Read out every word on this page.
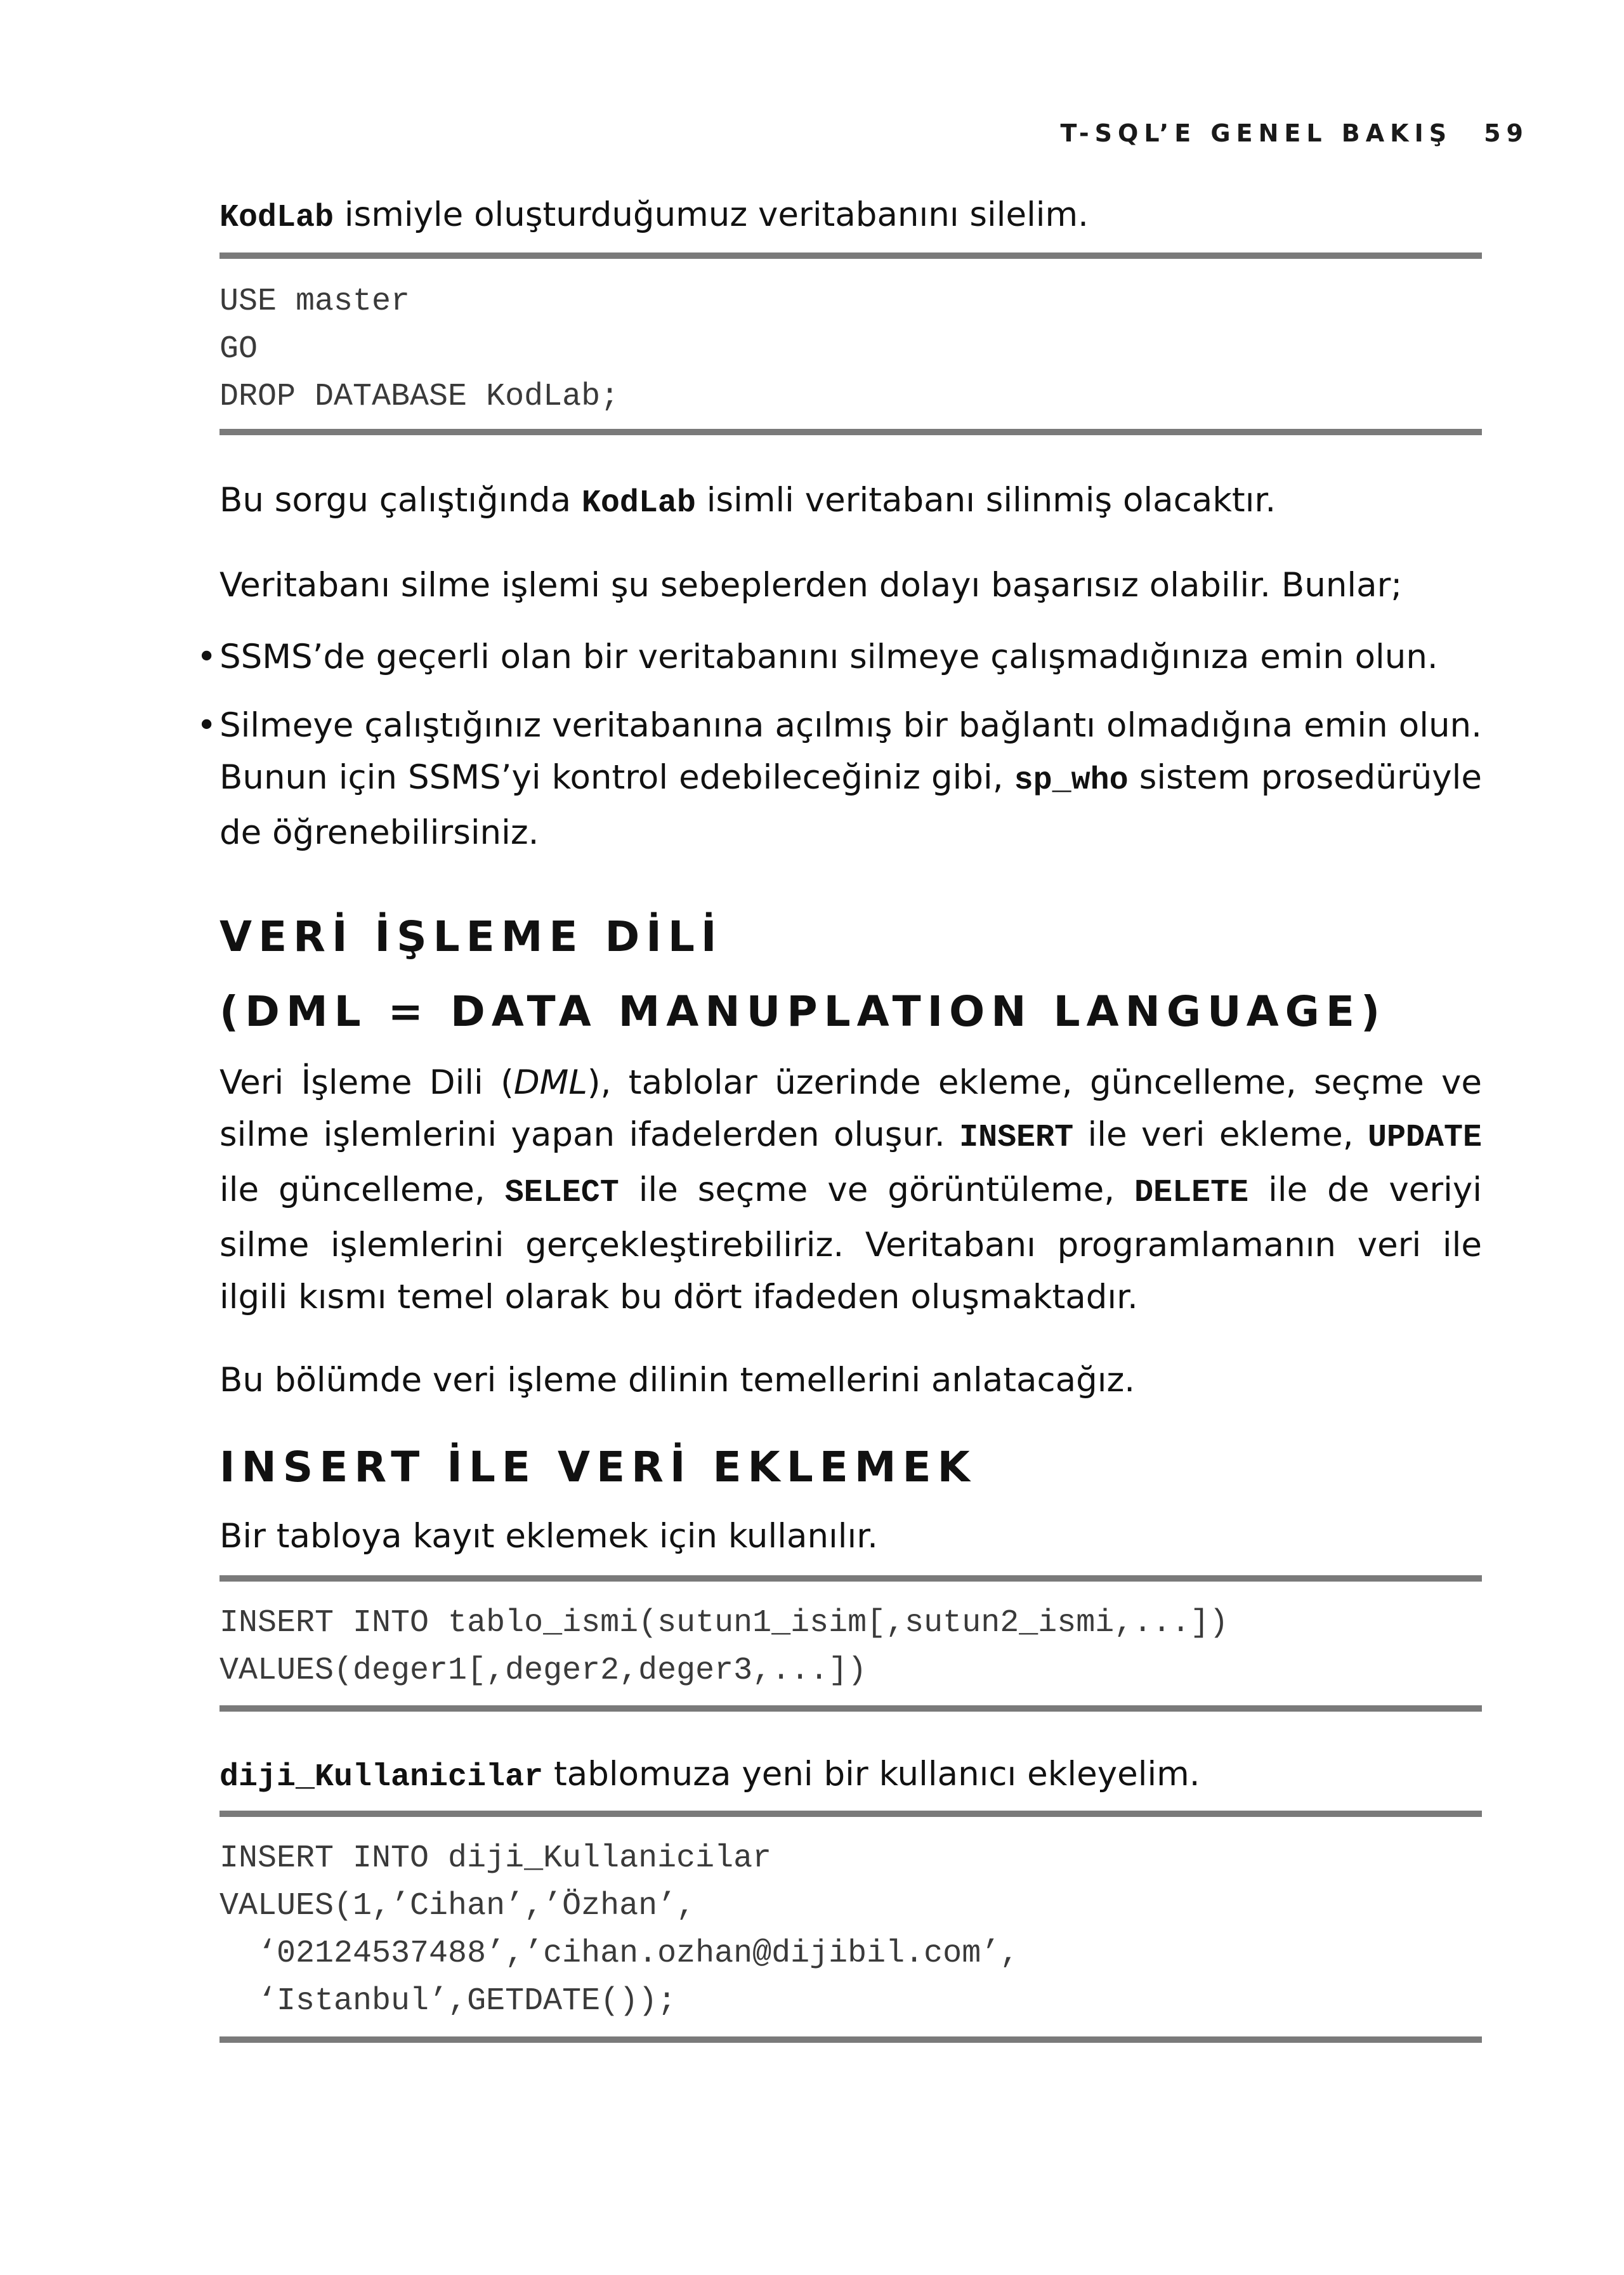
T-SQL’E GENEL BAKIŞ 59

KodLab ismiyle oluşturduğumuz veritabanını silelim.

USE master
GO
DROP DATABASE KodLab;

Bu sorgu çalıştığında KodLab isimli veritabanı silinmiş olacaktır.

Veritabanı silme işlemi şu sebeplerden dolayı başarısız olabilir. Bunlar;

• SSMS’de geçerli olan bir veritabanını silmeye çalışmadığınıza emin olun.

• Silmeye çalıştığınız veritabanına açılmış bir bağlantı olmadığına emin olun. Bunun için SSMS’yi kontrol edebileceğiniz gibi, sp_who sistem prosedürüyle de öğrenebilirsiniz.

VERİ İŞLEME DİLİ

(DML = DATA MANUPLATION LANGUAGE)

Veri İşleme Dili (DML), tablolar üzerinde ekleme, güncelleme, seçme ve silme işlemlerini yapan ifadelerden oluşur. INSERT ile veri ekleme, UPDATE ile güncelleme, SELECT ile seçme ve görüntüleme, DELETE ile de veriyi silme işlemlerini gerçekleştirebiliriz. Veritabanı programlamanın veri ile ilgili kısmı temel olarak bu dört ifadeden oluşmaktadır.

Bu bölümde veri işleme dilinin temellerini anlatacağız.

INSERT İLE VERİ EKLEMEK

Bir tabloya kayıt eklemek için kullanılır.

INSERT INTO tablo_ismi(sutun1_isim[,sutun2_ismi,...])
VALUES(deger1[,deger2,deger3,...])

diji_Kullanicilar tablomuza yeni bir kullanıcı ekleyelim.

INSERT INTO diji_Kullanicilar
VALUES(1,’Cihan’,’Özhan’,
‘02124537488’,’cihan.ozhan@dijibil.com’,
‘Istanbul’,GETDATE());
